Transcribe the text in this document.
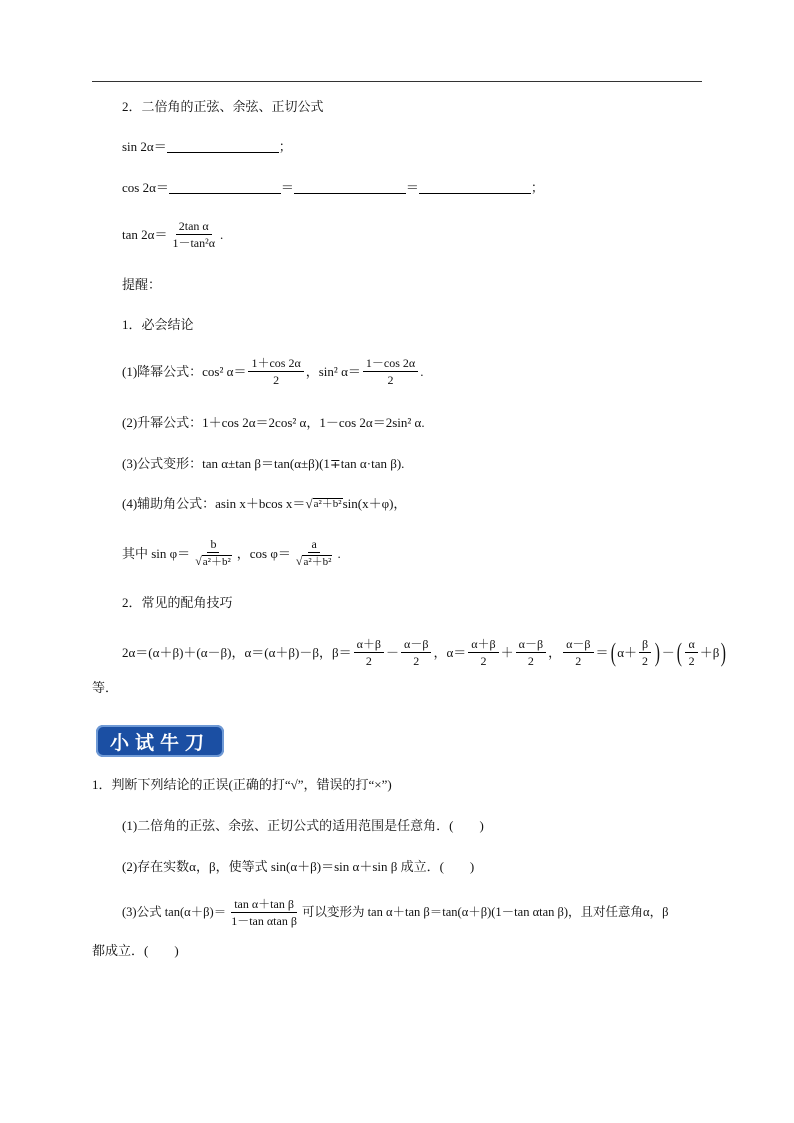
2．二倍角的正弦、余弦、正切公式
sin 2α＝	；
cos 2α＝	＝	＝	；
$\tan 2\alpha= \frac{\text{2tan α}}{\text{1－tan²α}}$ .
提醒：
1．必会结论
(1)降幂公式：cos² $\alpha= \frac{1+\cos 2\alpha}{2}$ ，sin² $\alpha= \frac{1-\cos 2\alpha}{2}$ .
(2)升幂公式：1＋cos 2α＝2cos² α，1－cos 2α＝2sin² α.
(3)公式变形：tan α±tan β＝tan(α±β)(1∓tan α·tan β).
(4)辅助角公式：asin x＋bcos x＝ √ a²＋b² sin(x＋φ)，
其中 $\sin \varphi= \frac{b}{\text{√a²＋b²}}$ ，$\cos \varphi= \frac{a}{\text{√a²＋b²}}$ .
2．常见的配角技巧
2α＝(α＋β)＋(α－β)，α＝(α＋β)－β，$\beta= \frac{\alpha+\beta}{2} - \frac{\alpha-\beta}{2}$ ，$\alpha= \frac{\alpha+\beta}{2} + \frac{\alpha-\beta}{2}$ ， $\frac{\alpha-\beta}{2}$ ＝ ( $\alpha+ \frac{\beta}{2}$ ) － ( $\frac{\alpha}{2} +\beta$ )
等．
小试牛刀
1．判断下列结论的正误(正确的打“√”，错误的打“×”)
(1)二倍角的正弦、余弦、正切公式的适用范围是任意角．(　　)
(2)存在实数α，β，使等式 sin(α＋β)＝sin α＋sin β 成立．(　　)
(3)公式 $\tan(\alpha+\beta)= \frac{\text{tan α＋tan β}}{\text{1－tan αtan β}}$ 可以变形为 tan α＋tan β＝tan(α＋β)(1－tan αtan β)，且对任意角α，β
都成立．(　　)
